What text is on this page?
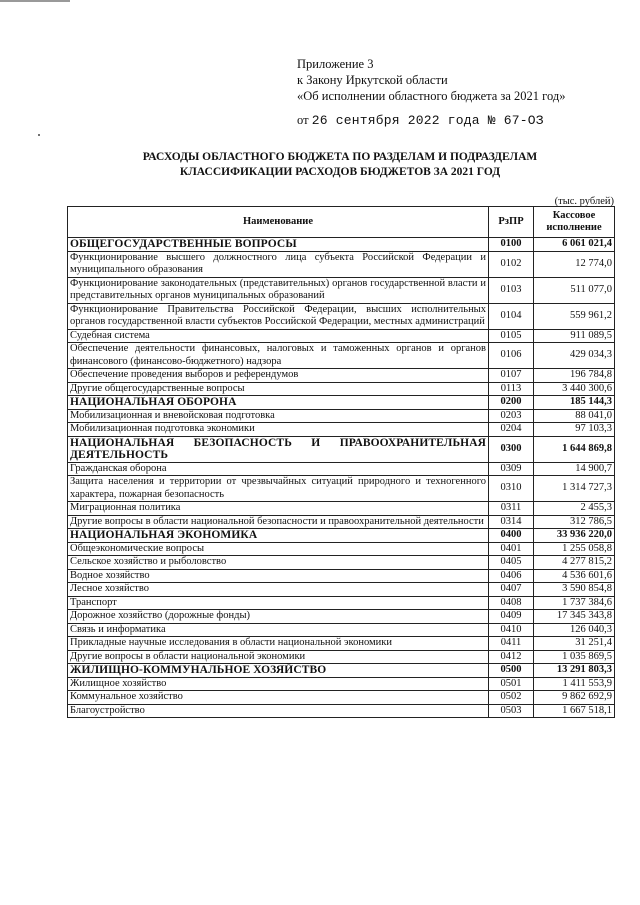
Приложение 3
к Закону Иркутской области
«Об исполнении областного бюджета за 2021 год»
от 26 сентября 2022 года № 67-ОЗ
РАСХОДЫ ОБЛАСТНОГО БЮДЖЕТА ПО РАЗДЕЛАМ И ПОДРАЗДЕЛАМ
КЛАССИФИКАЦИИ РАСХОДОВ БЮДЖЕТОВ ЗА 2021 ГОД
(тыс. рублей)
Наименование	РзПР	Кассовое исполнение
ОБЩЕГОСУДАРСТВЕННЫЕ ВОПРОСЫ	0100	6 061 021,4
Функционирование высшего должностного лица субъекта Российской Федерации и муниципального образования	0102	12 774,0
Функционирование законодательных (представительных) органов государственной власти и представительных органов муниципальных образований	0103	511 077,0
Функционирование Правительства Российской Федерации, высших исполнительных органов государственной власти субъектов Российской Федерации, местных администраций	0104	559 961,2
Судебная система	0105	911 089,5
Обеспечение деятельности финансовых, налоговых и таможенных органов и органов финансового (финансово-бюджетного) надзора	0106	429 034,3
Обеспечение проведения выборов и референдумов	0107	196 784,8
Другие общегосударственные вопросы	0113	3 440 300,6
НАЦИОНАЛЬНАЯ ОБОРОНА	0200	185 144,3
Мобилизационная и вневойсковая подготовка	0203	88 041,0
Мобилизационная подготовка экономики	0204	97 103,3
НАЦИОНАЛЬНАЯ БЕЗОПАСНОСТЬ И ПРАВООХРАНИТЕЛЬНАЯ ДЕЯТЕЛЬНОСТЬ	0300	1 644 869,8
Гражданская оборона	0309	14 900,7
Защита населения и территории от чрезвычайных ситуаций природного и техногенного характера, пожарная безопасность	0310	1 314 727,3
Миграционная политика	0311	2 455,3
Другие вопросы в области национальной безопасности и правоохранительной деятельности	0314	312 786,5
НАЦИОНАЛЬНАЯ ЭКОНОМИКА	0400	33 936 220,0
Общеэкономические вопросы	0401	1 255 058,8
Сельское хозяйство и рыболовство	0405	4 277 815,2
Водное хозяйство	0406	4 536 601,6
Лесное хозяйство	0407	3 590 854,8
Транспорт	0408	1 737 384,6
Дорожное хозяйство (дорожные фонды)	0409	17 345 343,8
Связь и информатика	0410	126 040,3
Прикладные научные исследования в области национальной экономики	0411	31 251,4
Другие вопросы в области национальной экономики	0412	1 035 869,5
ЖИЛИЩНО-КОММУНАЛЬНОЕ ХОЗЯЙСТВО	0500	13 291 803,3
Жилищное хозяйство	0501	1 411 553,9
Коммунальное хозяйство	0502	9 862 692,9
Благоустройство	0503	1 667 518,1
